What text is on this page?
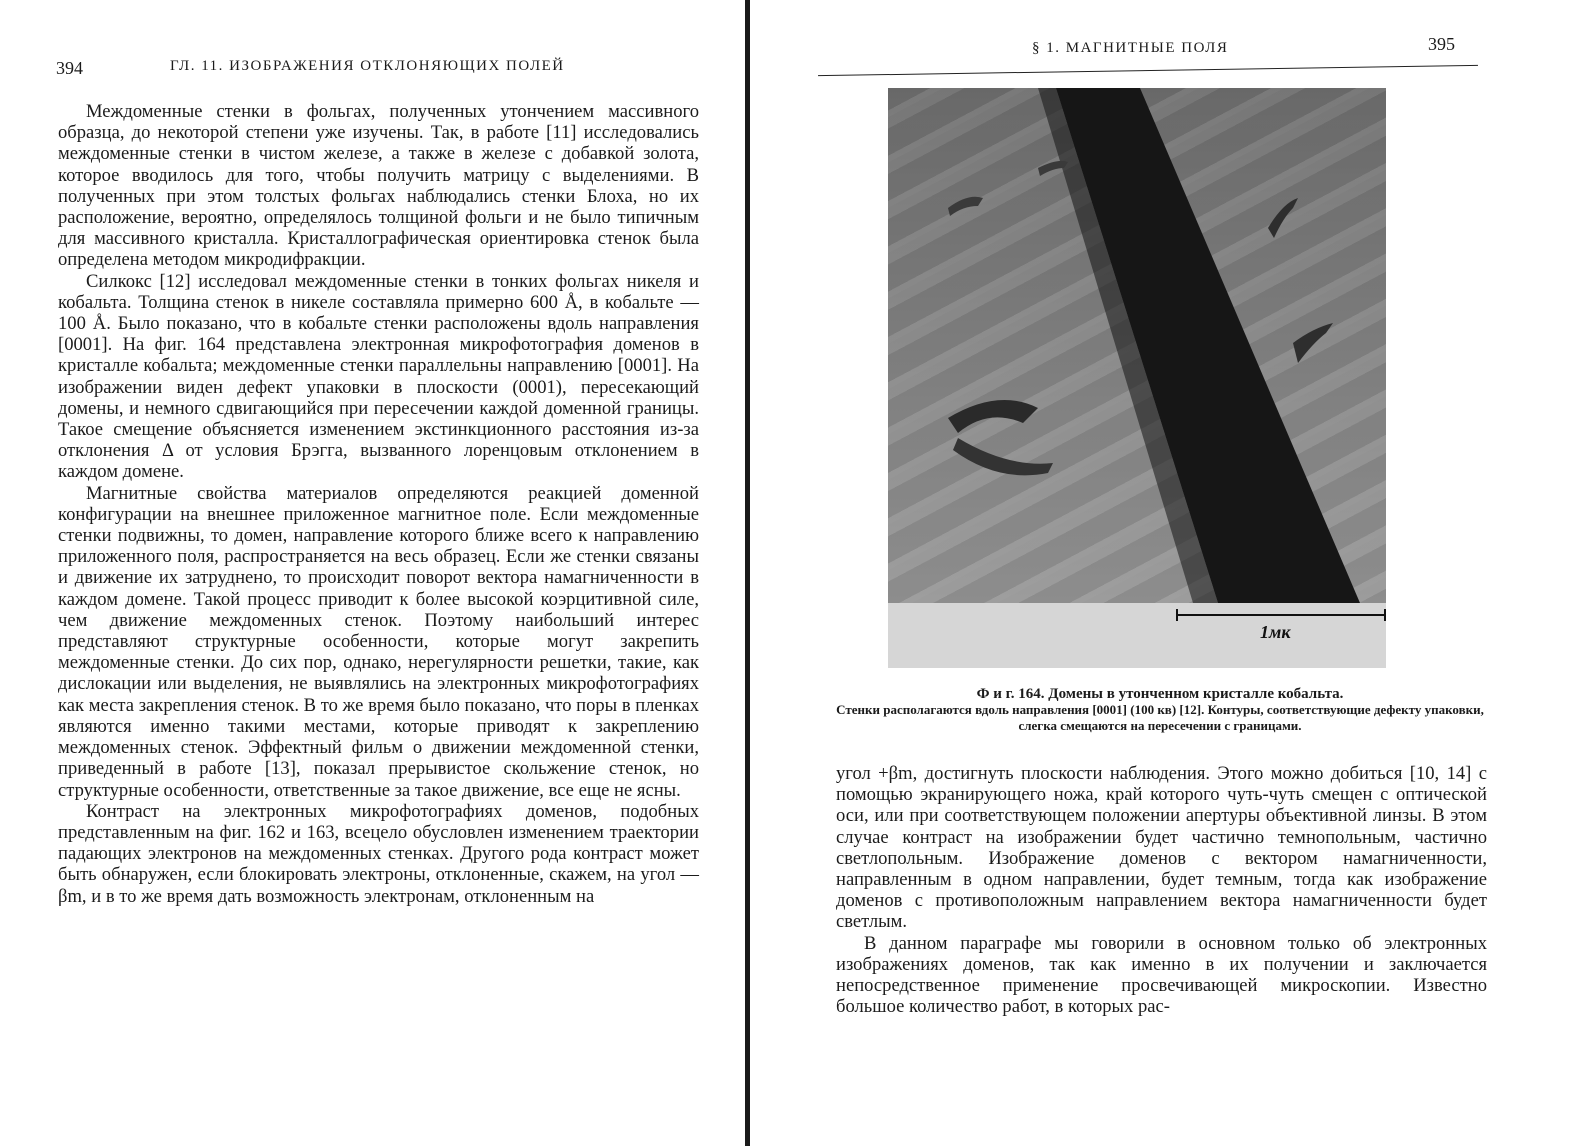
394	ГЛ. 11. ИЗОБРАЖЕНИЯ ОТКЛОНЯЮЩИХ ПОЛЕЙ

Междоменные стенки в фольгах, полученных утончением массивного образца, до некоторой степени уже изучены. Так, в работе [11] исследовались междоменные стенки в чистом железе, а также в железе с добавкой золота, которое вводилось для того, чтобы получить матрицу с выделениями. В полученных при этом толстых фольгах наблюдались стенки Блоха, но их расположение, вероятно, определялось толщиной фольги и не было типичным для массивного кристалла. Кристаллографическая ориентировка стенок была определена методом микродифракции.

Силкокс [12] исследовал междоменные стенки в тонких фольгах никеля и кобальта. Толщина стенок в никеле составляла примерно 600 Å, в кобальте — 100 Å. Было показано, что в кобальте стенки расположены вдоль направления [0001]. На фиг. 164 представлена электронная микрофотография доменов в кристалле кобальта; междоменные стенки параллельны направлению [0001]. На изображении виден дефект упаковки в плоскости (0001), пересекающий домены, и немного сдвигающийся при пересечении каждой доменной границы. Такое смещение объясняется изменением экстинкционного расстояния из-за отклонения Δ от условия Брэгга, вызванного лоренцовым отклонением в каждом домене.

Магнитные свойства материалов определяются реакцией доменной конфигурации на внешнее приложенное магнитное поле. Если междоменные стенки подвижны, то домен, направление которого ближе всего к направлению приложенного поля, распространяется на весь образец. Если же стенки связаны и движение их затруднено, то происходит поворот вектора намагниченности в каждом домене. Такой процесс приводит к более высокой коэрцитивной силе, чем движение междоменных стенок. Поэтому наибольший интерес представляют структурные особенности, которые могут закрепить междоменные стенки. До сих пор, однако, нерегулярности решетки, такие, как дислокации или выделения, не выявлялись на электронных микрофотографиях как места закрепления стенок. В то же время было показано, что поры в пленках являются именно такими местами, которые приводят к закреплению междоменных стенок. Эффектный фильм о движении междоменной стенки, приведенный в работе [13], показал прерывистое скольжение стенок, но структурные особенности, ответственные за такое движение, все еще не ясны.

Контраст на электронных микрофотографиях доменов, подобных представленным на фиг. 162 и 163, всецело обусловлен изменением траектории падающих электронов на междоменных стенках. Другого рода контраст может быть обнаружен, если блокировать электроны, отклоненные, скажем, на угол —βm, и в то же время дать возможность электронам, отклоненным на

§ 1. МАГНИТНЫЕ ПОЛЯ	395
1мк
Ф и г. 164. Домены в утонченном кристалле кобальта.
Стенки располагаются вдоль направления [0001] (100 кв) [12]. Контуры, соответствующие дефекту упаковки, слегка смещаются на пересечении с границами.

угол +βm, достигнуть плоскости наблюдения. Этого можно добиться [10, 14] с помощью экранирующего ножа, край которого чуть-чуть смещен с оптической оси, или при соответствующем положении апертуры объективной линзы. В этом случае контраст на изображении будет частично темнопольным, частично светлопольным. Изображение доменов с вектором намагниченности, направленным в одном направлении, будет темным, тогда как изображение доменов с противоположным направлением вектора намагниченности будет светлым.

В данном параграфе мы говорили в основном только об электронных изображениях доменов, так как именно в их получении и заключается непосредственное применение просвечивающей микроскопии. Известно большое количество работ, в которых рас-
